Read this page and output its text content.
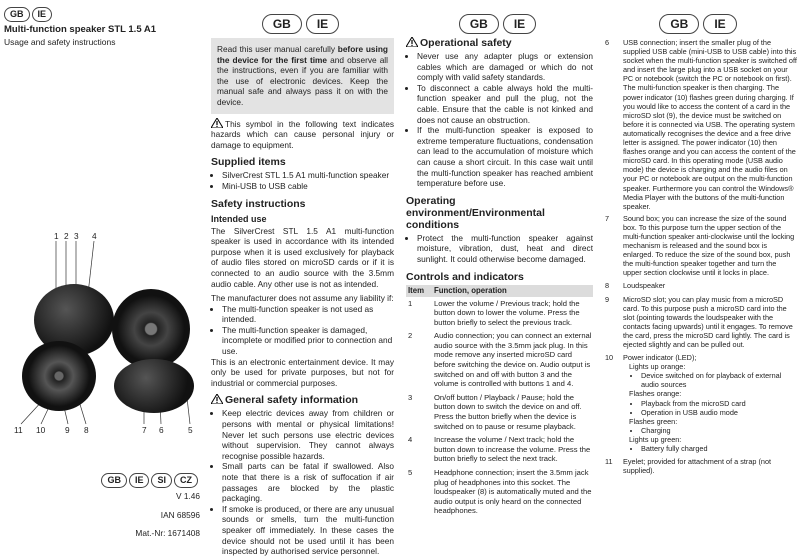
GB IE
Multi-function speaker STL 1.5 A1
Usage and safety instructions
1 2 3 4
11 10 9 8	7 6	5
GB IE SI CZ
V 1.46
IAN 68596
Mat.-Nr: 1671408
GB IE
Read this user manual carefully before using the device for the first time and observe all the instructions, even if you are familiar with the use of electronic devices. Keep the manual safe and always pass it on with the device.
This symbol in the following text indicates hazards which can cause personal injury or damage to equipment.
Supplied items
• SilverCrest STL 1.5 A1 multi-function speaker
• Mini-USB to USB cable
Safety instructions
Intended use
The SilverCrest STL 1.5 A1 multi-function speaker is used in accordance with its intended purpose when it is used exclusively for playback of audio files stored on microSD cards or if it is connected to an audio source with the 3.5mm audio cable. Any other use is not as intended.
The manufacturer does not assume any liability if:
• The multi-function speaker is not used as intended.
• The multi-function speaker is damaged, incomplete or modified prior to connection and use.
This is an electronic entertainment device. It may only be used for private purposes, but not for industrial or commercial purposes.
General safety information
• Keep electric devices away from children or persons with mental or physical limitations! Never let such persons use electric devices without supervision. They cannot always recognise possible hazards.
• Small parts can be fatal if swallowed. Also note that there is a risk of suffocation if air passages are blocked by the plastic packaging.
• If smoke is produced, or there are any unusual sounds or smells, turn the multi-function speaker off immediately. In these cases the device should not be used until it has been inspected by authorised service personnel.
GB IE
Operational safety
• Never use any adapter plugs or extension cables which are damaged or which do not comply with valid safety standards.
• To disconnect a cable always hold the multi-function speaker and pull the plug, not the cable. Ensure that the cable is not kinked and does not cause an obstruction.
• If the multi-function speaker is exposed to extreme temperature fluctuations, condensation can lead to the accumulation of moisture which can cause a short circuit. In this case wait until the multi-function speaker has reached ambient temperature before use.
Operating environment/Environmental conditions
• Protect the multi-function speaker against moisture, vibration, dust, heat and direct sunlight. It could otherwise become damaged.
Controls and indicators
Item	Function, operation
1	Lower the volume / Previous track; hold the button down to lower the volume. Press the button briefly to select the previous track.
2	Audio connection; you can connect an external audio source with the 3.5mm jack plug. In this mode remove any inserted microSD card before switching the device on. Audio output is switched on and off with button 3 and the volume is controlled with buttons 1 and 4.
3	On/off button / Playback / Pause; hold the button down to switch the device on and off. Press the button briefly when the device is switched on to pause or resume playback.
4	Increase the volume / Next track; hold the button down to increase the volume. Press the button briefly to select the next track.
5	Headphone connection; insert the 3.5mm jack plug of headphones into this socket. The loudspeaker (8) is automatically muted and the audio output is only heard on the connected headphones.
GB IE
6	USB connection; insert the smaller plug of the supplied USB cable (mini-USB to USB cable) into this socket when the multi-function speaker is switched off and insert the large plug into a USB socket on your PC or notebook (switch the PC or notebook on first). The multi-function speaker is then charging. The power indicator (10) flashes green during charging. If you would like to access the content of a card in the microSD slot (9), the device must be switched on before it is connected via USB. The operating system automatically recognises the device and a free drive letter is assigned. The power indicator (10) then flashes orange and you can access the content of the microSD card. In this operating mode (USB audio mode) the device is charging and the audio files on your PC or notebook are output on the multi-function speaker. Furthermore you can control the Windows® Media Player with the buttons of the multi-function speaker.
7	Sound box; you can increase the size of the sound box. To this purpose turn the upper section of the multi-function speaker anti-clockwise until the locking mechanism is released and the sound box is enlarged. To reduce the size of the sound box, push the multi-function speaker together and turn the upper section clockwise until it locks in place.
8	Loudspeaker
9	MicroSD slot; you can play music from a microSD card. To this purpose push a microSD card into the slot (pointing towards the loudspeaker with the contacts facing upwards) until it engages. To remove the card, press the microSD card lightly. The card is ejected slightly and can be pulled out.
10	Power indicator (LED);
Lights up orange:
• Device switched on for playback of external audio sources
Flashes orange:
• Playback from the microSD card
• Operation in USB audio mode
Flashes green:
• Charging
Lights up green:
• Battery fully charged
11	Eyelet; provided for attachment of a strap (not supplied).
